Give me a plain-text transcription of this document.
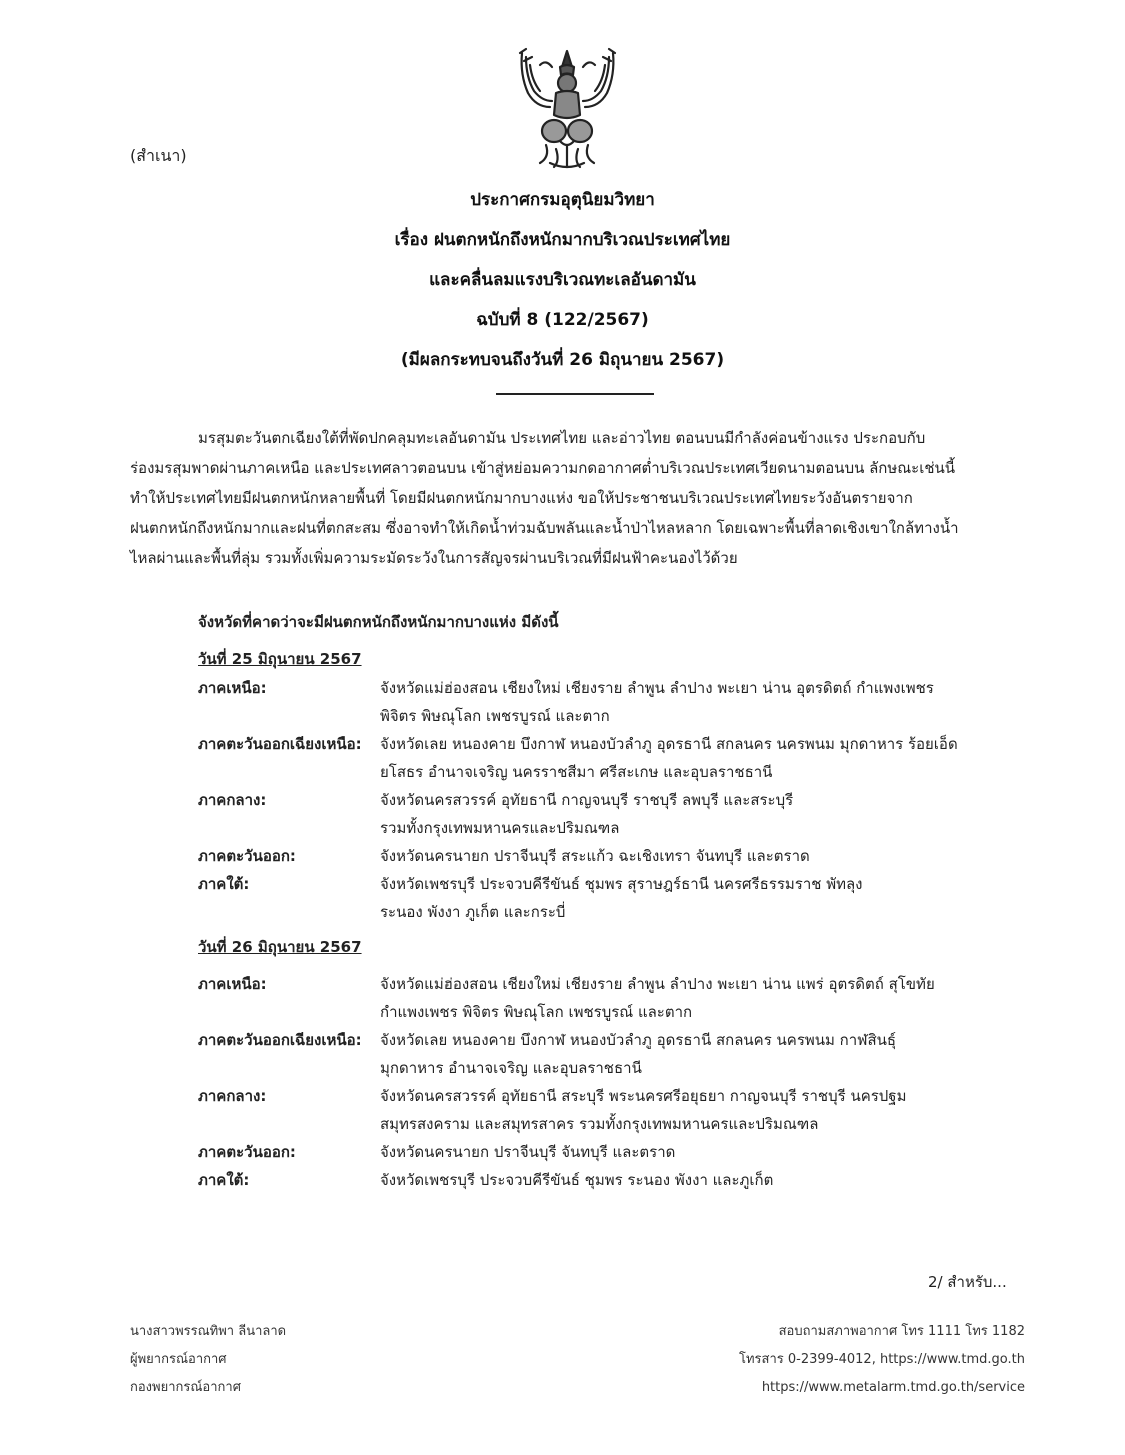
(สำเนา)
ประกาศกรมอุตุนิยมวิทยา
เรื่อง ฝนตกหนักถึงหนักมากบริเวณประเทศไทย
และคลื่นลมแรงบริเวณทะเลอันดามัน
ฉบับที่ 8 (122/2567)
(มีผลกระทบจนถึงวันที่ 26 มิถุนายน 2567)
มรสุมตะวันตกเฉียงใต้ที่พัดปกคลุมทะเลอันดามัน ประเทศไทย และอ่าวไทย ตอนบนมีกำลังค่อนข้างแรง ประกอบกับ
ร่องมรสุมพาดผ่านภาคเหนือ และประเทศลาวตอนบน เข้าสู่หย่อมความกดอากาศต่ำบริเวณประเทศเวียดนามตอนบน ลักษณะเช่นนี้
ทำให้ประเทศไทยมีฝนตกหนักหลายพื้นที่ โดยมีฝนตกหนักมากบางแห่ง ขอให้ประชาชนบริเวณประเทศไทยระวังอันตรายจาก
ฝนตกหนักถึงหนักมากและฝนที่ตกสะสม ซึ่งอาจทำให้เกิดน้ำท่วมฉับพลันและน้ำป่าไหลหลาก โดยเฉพาะพื้นที่ลาดเชิงเขาใกล้ทางน้ำ
ไหลผ่านและพื้นที่ลุ่ม รวมทั้งเพิ่มความระมัดระวังในการสัญจรผ่านบริเวณที่มีฝนฟ้าคะนองไว้ด้วย
จังหวัดที่คาดว่าจะมีฝนตกหนักถึงหนักมากบางแห่ง มีดังนี้
วันที่ 25 มิถุนายน 2567
ภาคเหนือ:	จังหวัดแม่ฮ่องสอน เชียงใหม่ เชียงราย ลำพูน ลำปาง พะเยา น่าน อุตรดิตถ์ กำแพงเพชร
พิจิตร พิษณุโลก เพชรบูรณ์ และตาก
ภาคตะวันออกเฉียงเหนือ:	จังหวัดเลย หนองคาย บึงกาฬ หนองบัวลำภู อุดรธานี สกลนคร นครพนม มุกดาหาร ร้อยเอ็ด
ยโสธร อำนาจเจริญ นครราชสีมา ศรีสะเกษ และอุบลราชธานี
ภาคกลาง:	จังหวัดนครสวรรค์ อุทัยธานี กาญจนบุรี ราชบุรี ลพบุรี และสระบุรี
รวมทั้งกรุงเทพมหานครและปริมณฑล
ภาคตะวันออก:	จังหวัดนครนายก ปราจีนบุรี สระแก้ว ฉะเชิงเทรา จันทบุรี และตราด
ภาคใต้:	จังหวัดเพชรบุรี ประจวบคีรีขันธ์ ชุมพร สุราษฎร์ธานี นครศรีธรรมราช พัทลุง
ระนอง พังงา ภูเก็ต และกระบี่
วันที่ 26 มิถุนายน 2567
ภาคเหนือ:	จังหวัดแม่ฮ่องสอน เชียงใหม่ เชียงราย ลำพูน ลำปาง พะเยา น่าน แพร่ อุตรดิตถ์ สุโขทัย
กำแพงเพชร พิจิตร พิษณุโลก เพชรบูรณ์ และตาก
ภาคตะวันออกเฉียงเหนือ:	จังหวัดเลย หนองคาย บึงกาฬ หนองบัวลำภู อุดรธานี สกลนคร นครพนม กาฬสินธุ์
มุกดาหาร อำนาจเจริญ และอุบลราชธานี
ภาคกลาง:	จังหวัดนครสวรรค์ อุทัยธานี สระบุรี พระนครศรีอยุธยา กาญจนบุรี ราชบุรี นครปฐม
สมุทรสงคราม และสมุทรสาคร รวมทั้งกรุงเทพมหานครและปริมณฑล
ภาคตะวันออก:	จังหวัดนครนายก ปราจีนบุรี จันทบุรี และตราด
ภาคใต้:	จังหวัดเพชรบุรี ประจวบคีรีขันธ์ ชุมพร ระนอง พังงา และภูเก็ต
2/ สำหรับ...
นางสาวพรรณทิพา ลีนาลาด
ผู้พยากรณ์อากาศ
กองพยากรณ์อากาศ
สอบถามสภาพอากาศ โทร 1111 โทร 1182
โทรสาร 0-2399-4012, https://www.tmd.go.th
https://www.metalarm.tmd.go.th/service
